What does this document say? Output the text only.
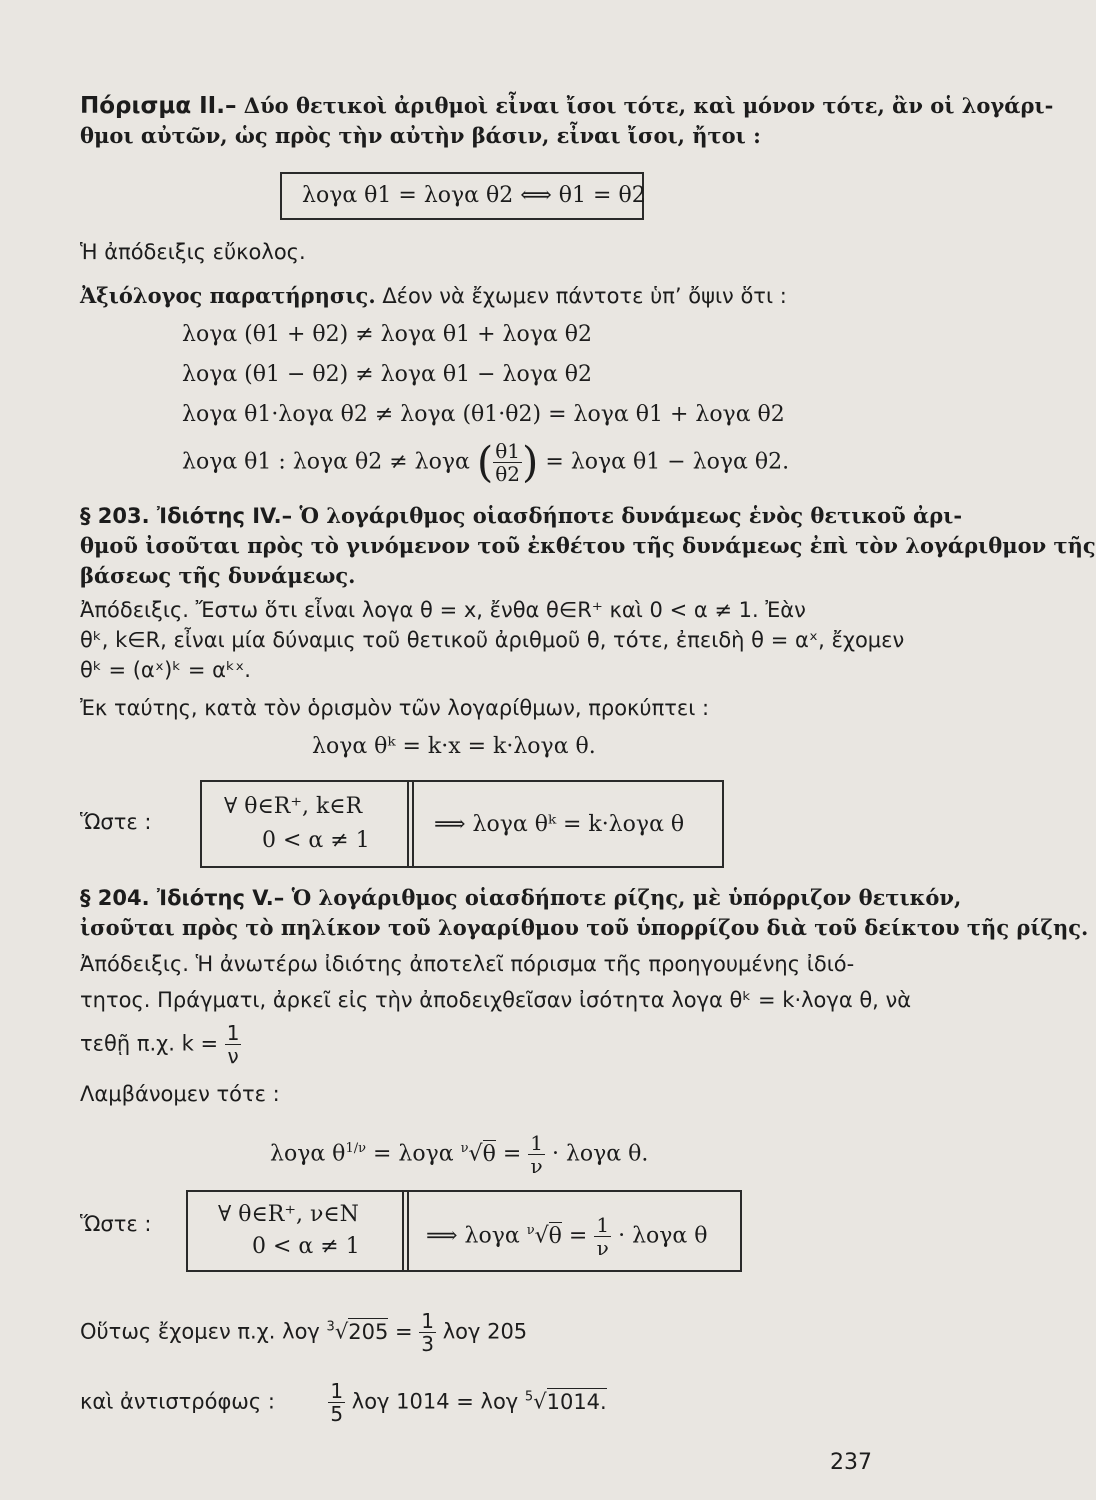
Πόρισμα II.– Δύο θετικοὶ ἀριθμοὶ εἶναι ἴσοι τότε, καὶ μόνον τότε, ἂν οἱ λογάρι-
θμοι αὐτῶν, ὡς πρὸς τὴν αὐτὴν βάσιν, εἶναι ἴσοι, ἤτοι :
λογα θ1 = λογα θ2 ⟺ θ1 = θ2
Ἡ ἀπόδειξις εὔκολος.
Ἀξιόλογος παρατήρησις. Δέον νὰ ἔχωμεν πάντοτε ὑπ’ ὄψιν ὅτι :
λογα (θ1 + θ2) ≠ λογα θ1 + λογα θ2
λογα (θ1 − θ2) ≠ λογα θ1 − λογα θ2
λογα θ1·λογα θ2 ≠ λογα (θ1·θ2) = λογα θ1 + λογα θ2
λογα θ1 : λογα θ2 ≠ λογα ( $\frac{\theta 1}{\theta 2}$ ) = λογα θ1 − λογα θ2.
§ 203. Ἰδιότης IV.– Ὁ λογάριθμος οἱασδήποτε δυνάμεως ἑνὸς θετικοῦ ἀρι-
θμοῦ ἰσοῦται πρὸς τὸ γινόμενον τοῦ ἐκθέτου τῆς δυνάμεως ἐπὶ τὸν λογάριθμον τῆς
βάσεως τῆς δυνάμεως.
Ἀπόδειξις. Ἔστω ὅτι εἶναι λογα θ = x, ἔνθα θ∈R⁺ καὶ 0 < α ≠ 1. Ἐὰν
θᵏ, k∈R, εἶναι μία δύναμις τοῦ θετικοῦ ἀριθμοῦ θ, τότε, ἐπειδὴ θ = αˣ, ἔχομεν
θᵏ = (αˣ)ᵏ = αᵏˣ.
Ἐκ ταύτης, κατὰ τὸν ὁρισμὸν τῶν λογαρίθμων, προκύπτει :
λογα θᵏ = k·x = k·λογα θ.
Ὥστε :
∀ θ∈R⁺, k∈R
0 < α ≠ 1
⟹ λογα θᵏ = k·λογα θ
§ 204. Ἰδιότης V.– Ὁ λογάριθμος οἱασδήποτε ρίζης, μὲ ὑπόρριζον θετικόν,
ἰσοῦται πρὸς τὸ πηλίκον τοῦ λογαρίθμου τοῦ ὑπορρίζου διὰ τοῦ δείκτου τῆς ρίζης.
Ἀπόδειξις. Ἡ ἀνωτέρω ἰδιότης ἀποτελεῖ πόρισμα τῆς προηγουμένης ἰδιό-
τητος. Πράγματι, ἀρκεῖ εἰς τὴν ἀποδειχθεῖσαν ἰσότητα λογα θᵏ = k·λογα θ, νὰ
τεθῇ π.χ. $k = \frac{1}{\nu}$
Λαμβάνομεν τότε :
λογα $\theta^{1/\nu} = \lambda o\gamma\alpha$ $^\nu√\theta = \frac{1}{\nu} \cdot \lambda o\gamma\alpha$ θ.
Ὥστε :	∀ θ∈R⁺, ν∈N
0 < α ≠ 1	⟹ λογα $^\nu√\theta = \frac{1}{\nu} \cdot \lambda o\gamma\alpha$ θ
Οὕτως ἔχομεν π.χ. λογ $^3√205 = \frac{1}{3}$ λογ 205
καὶ ἀντιστρόφως :	$\frac{1}{5}$ λογ 1014 = λογ $^5$√1014.
237
